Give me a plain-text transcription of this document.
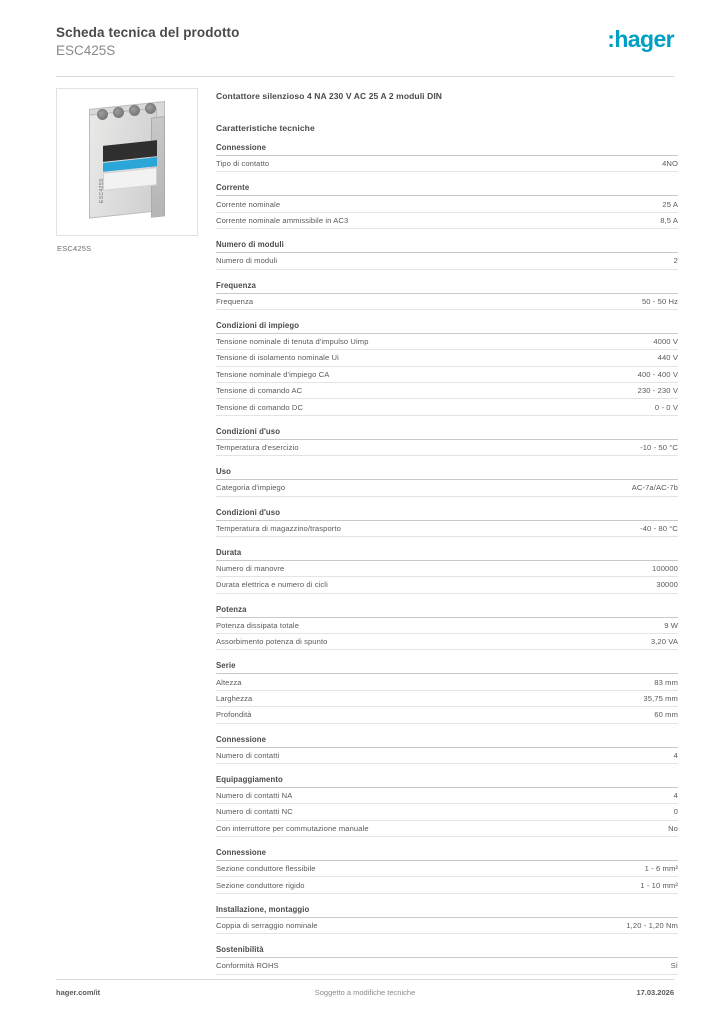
Scheda tecnica del prodotto
ESC425S	:hager
ESC425S
ESC425S
Contattore silenzioso 4 NA 230 V AC 25 A 2 moduli DIN
Caratteristiche tecniche
Connessione
Tipo di contatto	4NO
Corrente
Corrente nominale	25 A
Corrente nominale ammissibile in AC3	8,5 A
Numero di moduli
Numero di moduli	2
Frequenza
Frequenza	50 - 50 Hz
Condizioni di impiego
Tensione nominale di tenuta d'impulso Uimp	4000 V
Tensione di isolamento nominale Ui	440 V
Tensione nominale d'impiego CA	400 - 400 V
Tensione di comando AC	230 - 230 V
Tensione di comando DC	0 - 0 V
Condizioni d'uso
Temperatura d'esercizio	-10 - 50 °C
Uso
Categoria d'impiego	AC-7a/AC-7b
Condizioni d'uso
Temperatura di magazzino/trasporto	-40 - 80 °C
Durata
Numero di manovre	100000
Durata elettrica e numero di cicli	30000
Potenza
Potenza dissipata totale	9 W
Assorbimento potenza di spunto	3,20 VA
Serie
Altezza	83 mm
Larghezza	35,75 mm
Profondità	60 mm
Connessione
Numero di contatti	4
Equipaggiamento
Numero di contatti NA	4
Numero di contatti NC	0
Con interruttore per commutazione manuale	No
Connessione
Sezione conduttore flessibile	1 - 6 mm²
Sezione conduttore rigido	1 - 10 mm²
Installazione, montaggio
Coppia di serraggio nominale	1,20 - 1,20 Nm
Sostenibilità
Conformità ROHS	Sì
hager.com/it	Soggetto a modifiche tecniche	17.03.2026
